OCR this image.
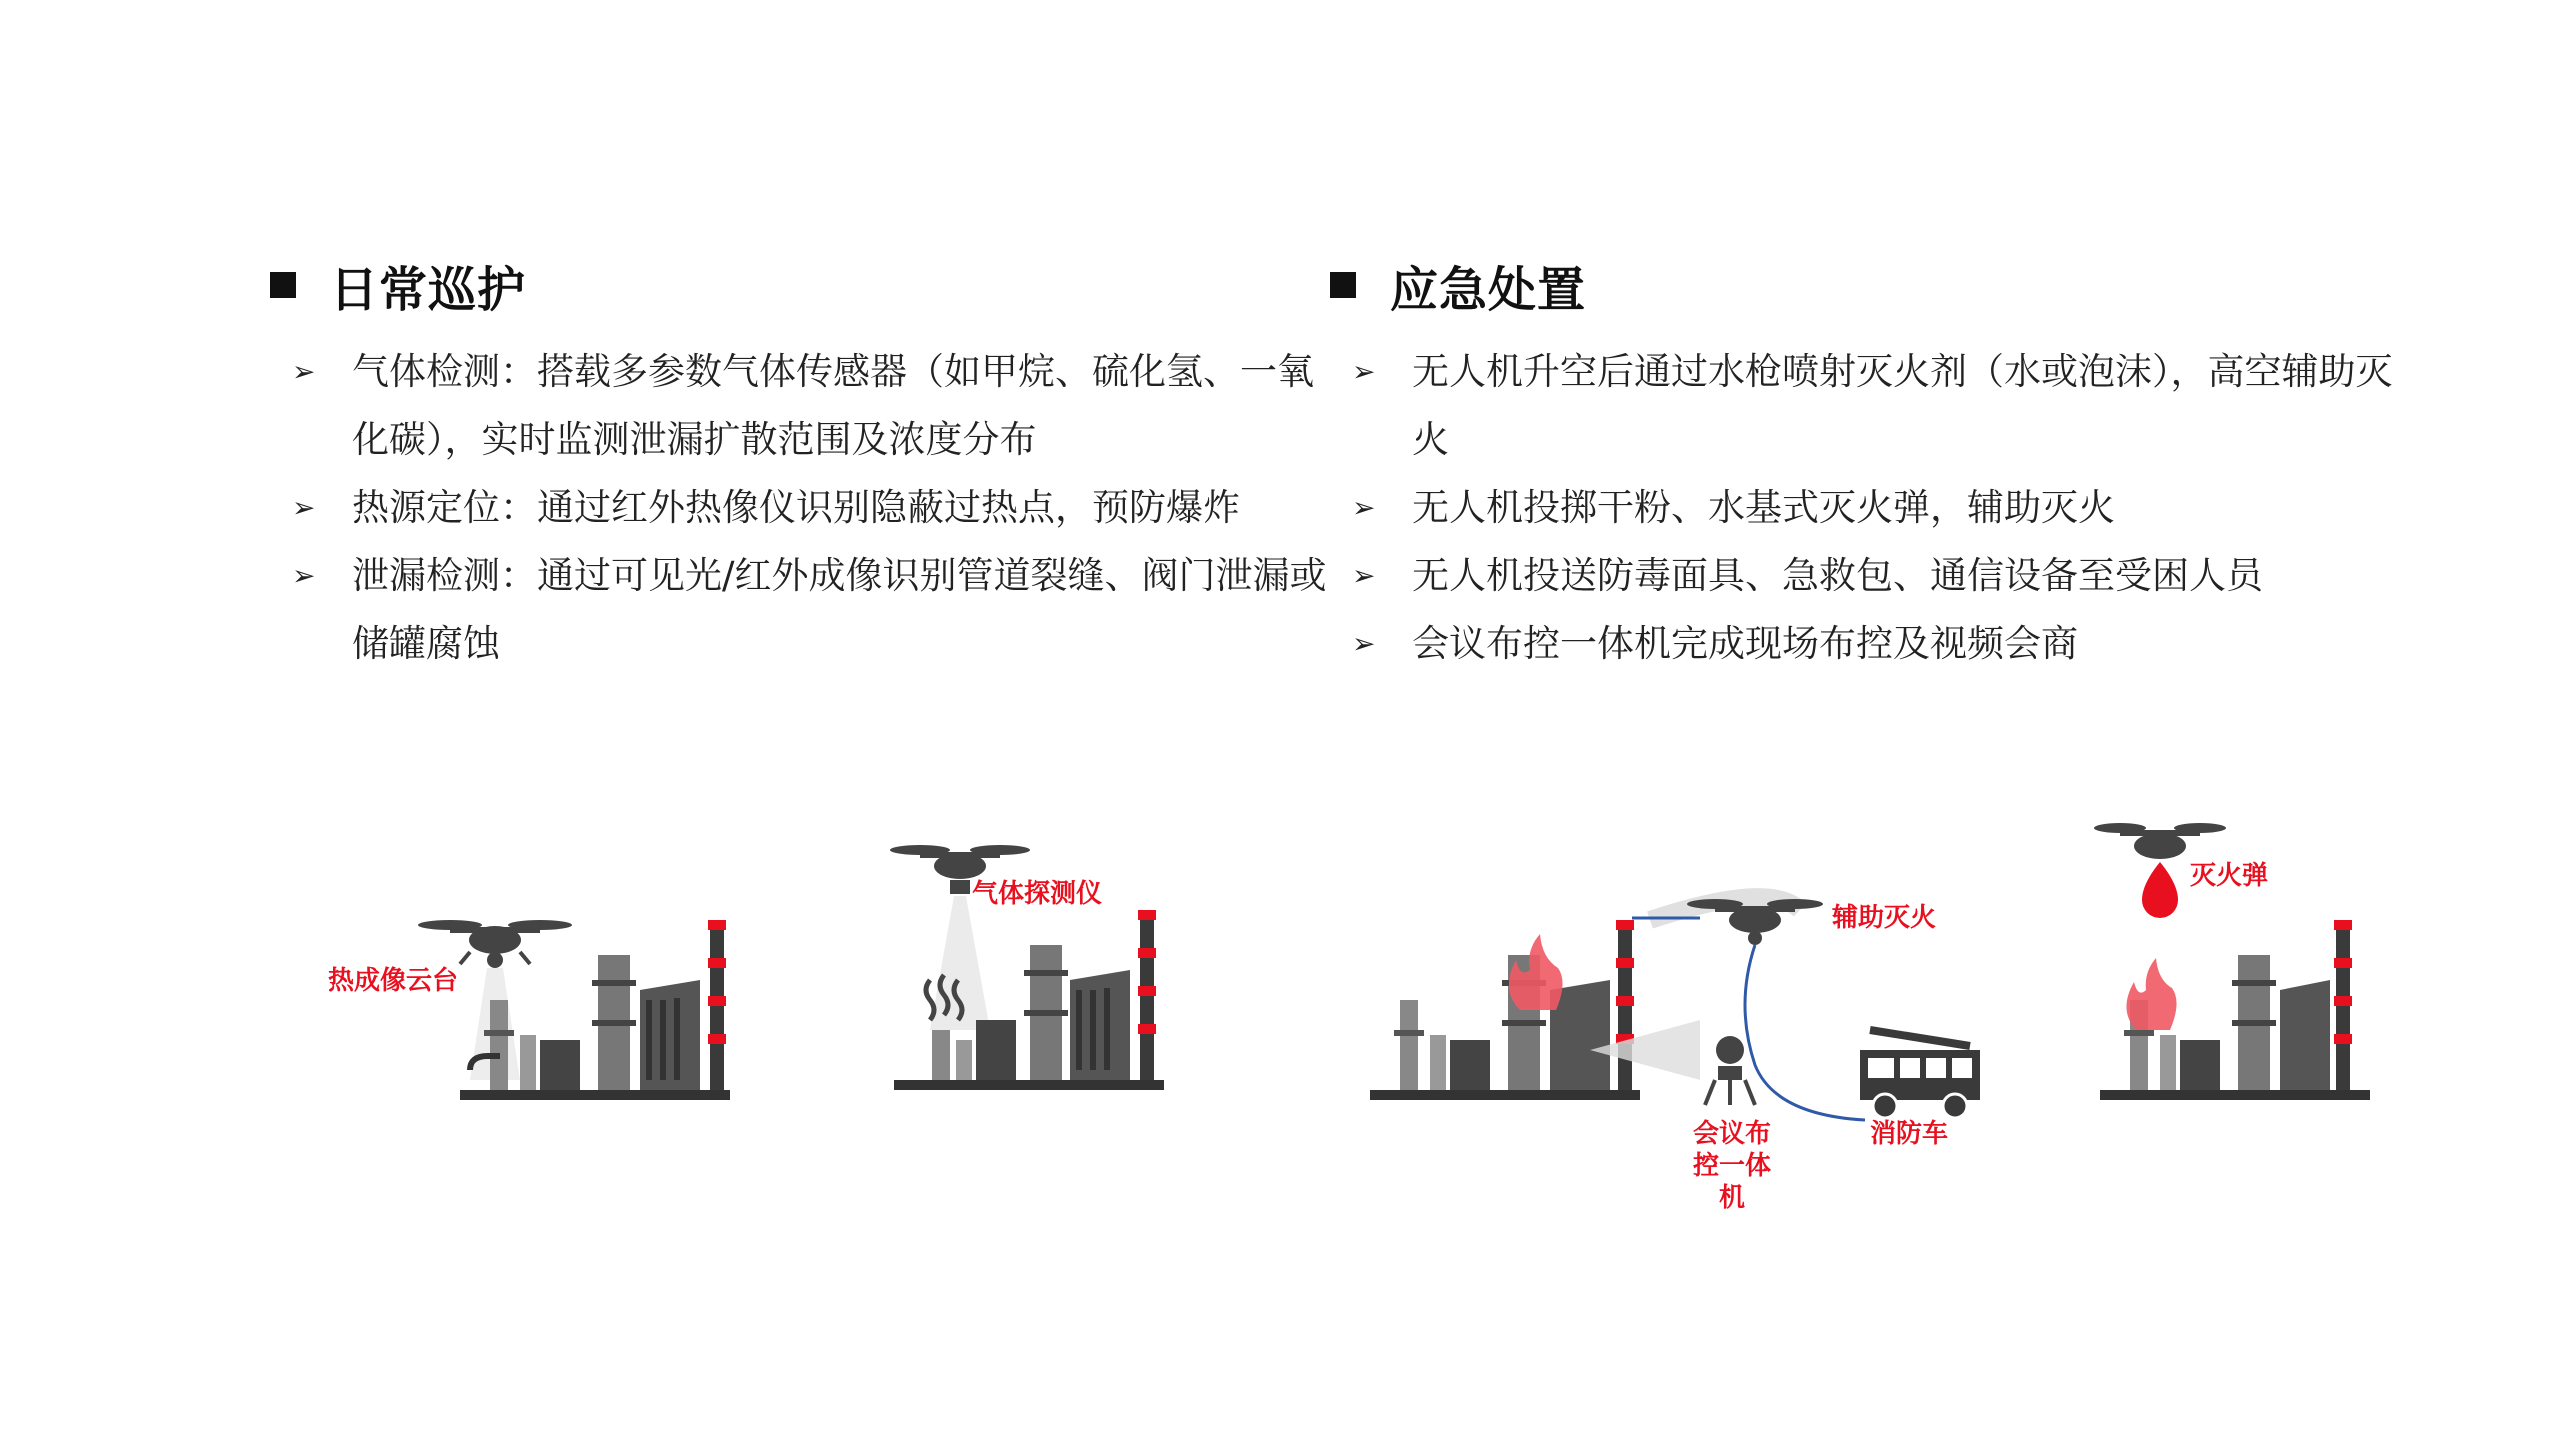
日常巡护
➢ 气体检测：搭载多参数气体传感器（如甲烷、硫化氢、一氧化碳），实时监测泄漏扩散范围及浓度分布
➢ 热源定位：通过红外热像仪识别隐蔽过热点，预防爆炸
➢ 泄漏检测：通过可见光/红外成像识别管道裂缝、阀门泄漏或储罐腐蚀
应急处置
➢ 无人机升空后通过水枪喷射灭火剂（水或泡沫），高空辅助灭火
➢ 无人机投掷干粉、水基式灭火弹，辅助灭火
➢ 无人机投送防毒面具、急救包、通信设备至受困人员
➢ 会议布控一体机完成现场布控及视频会商
热成像云台
气体探测仪
辅助灭火
会议布控一体机
消防车
灭火弹
